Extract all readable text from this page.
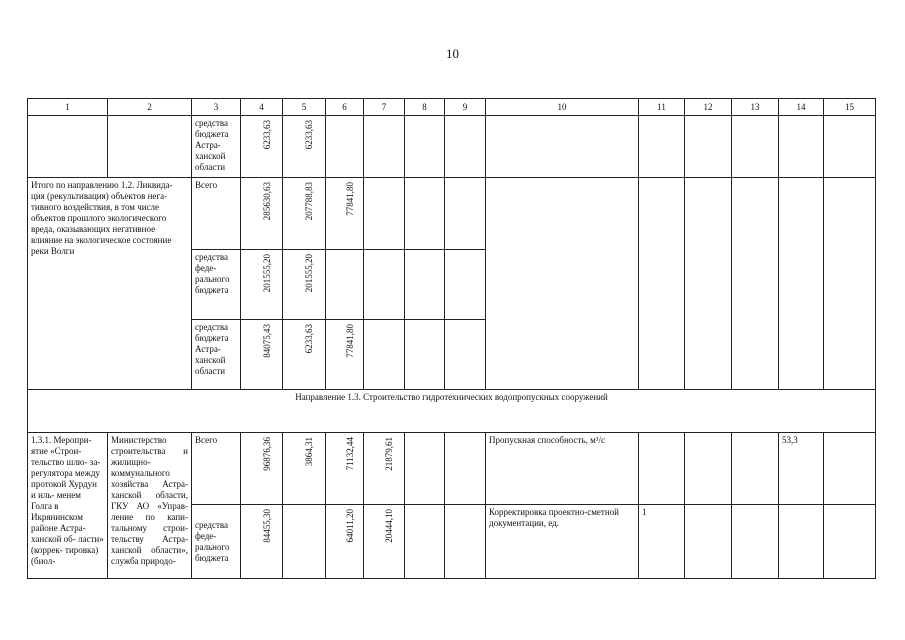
10
1	2	3	4	5	6	7	8	9	10	11	12	13	14	15
		средства бюджета Астра- ханской области	6233,63	6233,63										

Итого по направлению 1.2. Ликвида- ция (рекультивация) объектов нега- тивного воздействия, в том числе объектов прошлого экологического вреда, оказывающих негативное влияние на экологическое состояние реки Волги		Всего	285630,63	207788,83	77841,80									

		средства феде- рального бюджета	201555,20	201555,20										

		средства бюджета Астра- ханской области	84075,43	6233,63	77841,80									

Направление 1.3. Строительство гидротехнических водопропускных сооружений														
1.3.1. Меропри- ятие «Строи- тельство шлю- за-регулятора между протокой Хурдун и иль- менем Голга в Икрянинском районе Астра- ханской об- ласти» (коррек- тировка) (биол-	Министерство строительства и жилищно- коммунального хозяйства Астра- ханской области, ГКУ АО «Управ- ление по капи- тальному строи- тельству Астра- ханской области», служба природо-	Всего	96876,36	3864,31	71132,44	21879,61			Пропускная способность, м³/с				53,3	
		средства феде- рального бюджета	84455,30		64011,20	20444,10			Корректировка проектно-сметной документации, ед.	1				
